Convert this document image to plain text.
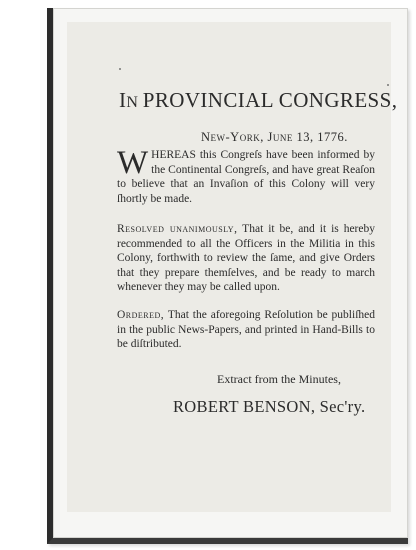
IN PROVINCIAL CONGRESS,
New-York, June 13, 1776.
WHEREAS this Congreſs have been informed by the Continental Congreſs, and have great Reaſon to believe that an Invaſion of this Colony will very ſhortly be made.
Resolved unanimously, That it be, and it is hereby recommended to all the Officers in the Militia in this Colony, forthwith to review the ſame, and give Orders that they prepare themſelves, and be ready to march whenever they may be called upon.
Ordered, That the aforegoing Reſolution be publiſhed in the public News-Papers, and printed in Hand-Bills to be diſtributed.
Extract from the Minutes,
ROBERT BENSON, Sec'ry.
